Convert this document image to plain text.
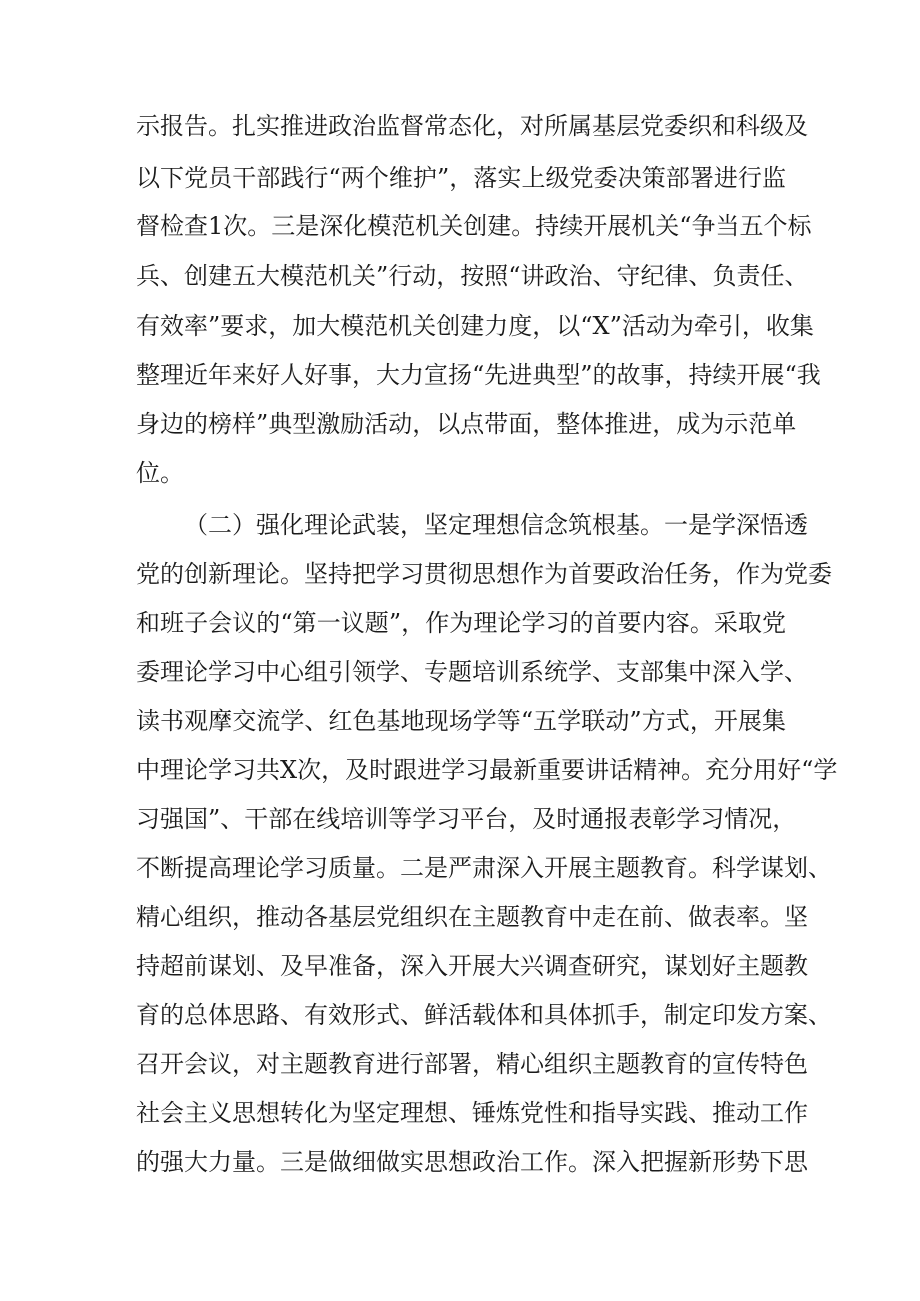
示报告。扎实推进政治监督常态化，对所属基层党委织和科级及
以下党员干部践行“两个维护”，落实上级党委决策部署进行监
督检查1次。三是深化模范机关创建。持续开展机关“争当五个标
兵、创建五大模范机关”行动，按照“讲政治、守纪律、负责任、
有效率”要求，加大模范机关创建力度，以“X”活动为牵引，收集
整理近年来好人好事，大力宣扬“先进典型”的故事，持续开展“我
身边的榜样”典型激励活动，以点带面，整体推进，成为示范单
位。
（二）强化理论武装，坚定理想信念筑根基。一是学深悟透
党的创新理论。坚持把学习贯彻思想作为首要政治任务，作为党委
和班子会议的“第一议题”，作为理论学习的首要内容。采取党
委理论学习中心组引领学、专题培训系统学、支部集中深入学、
读书观摩交流学、红色基地现场学等“五学联动”方式，开展集
中理论学习共X次，及时跟进学习最新重要讲话精神。充分用好“学
习强国”、干部在线培训等学习平台，及时通报表彰学习情况，
不断提高理论学习质量。二是严肃深入开展主题教育。科学谋划、
精心组织，推动各基层党组织在主题教育中走在前、做表率。坚
持超前谋划、及早准备，深入开展大兴调查研究，谋划好主题教
育的总体思路、有效形式、鲜活载体和具体抓手，制定印发方案、
召开会议，对主题教育进行部署，精心组织主题教育的宣传特色
社会主义思想转化为坚定理想、锤炼党性和指导实践、推动工作
的强大力量。三是做细做实思想政治工作。深入把握新形势下思
